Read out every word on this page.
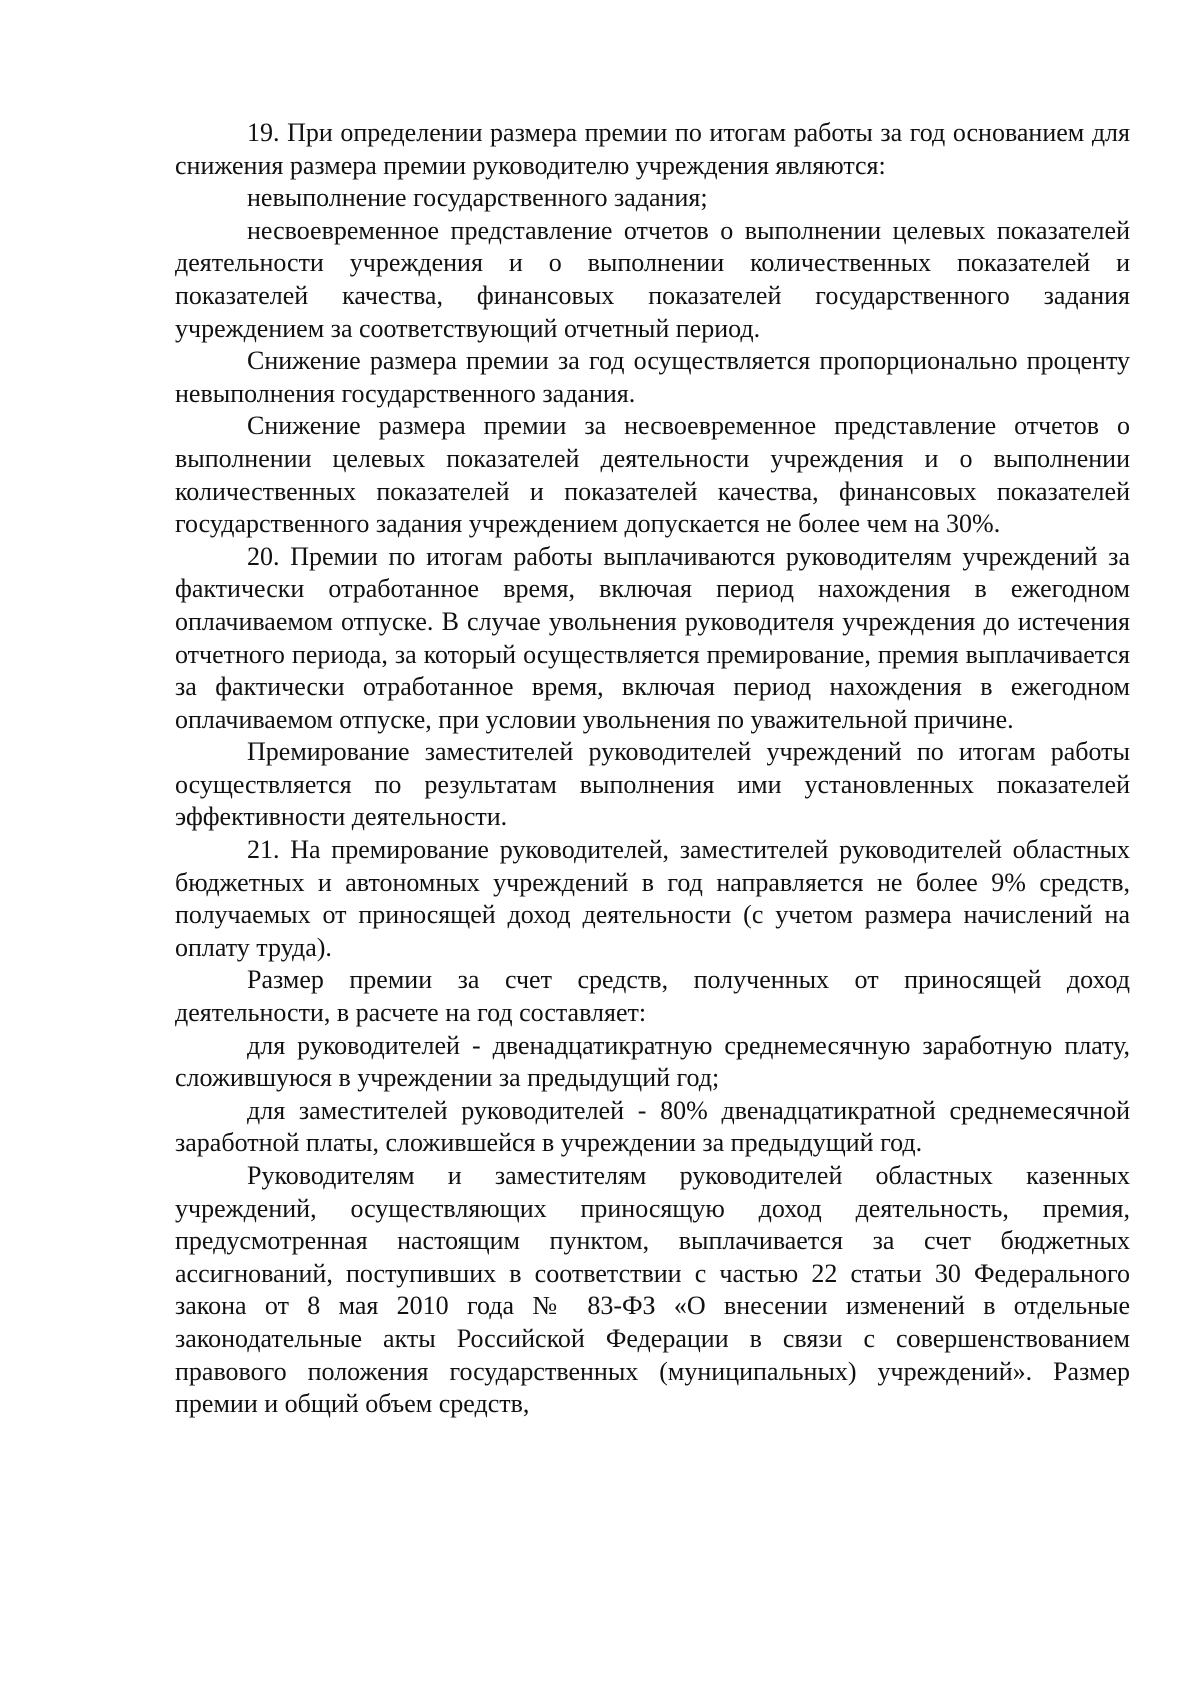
19. При определении размера премии по итогам работы за год основанием для снижения размера премии руководителю учреждения являются:

невыполнение государственного задания;

несвоевременное представление отчетов о выполнении целевых показателей деятельности учреждения и о выполнении количественных показателей и показателей качества, финансовых показателей государственного задания учреждением за соответствующий отчетный период.

Снижение размера премии за год осуществляется пропорционально проценту невыполнения государственного задания.

Снижение размера премии за несвоевременное представление отчетов о выполнении целевых показателей деятельности учреждения и о выполнении количественных показателей и показателей качества, финансовых показателей государственного задания учреждением допускается не более чем на 30%.

20. Премии по итогам работы выплачиваются руководителям учреждений за фактически отработанное время, включая период нахождения в ежегодном оплачиваемом отпуске. В случае увольнения руководителя учреждения до истечения отчетного периода, за который осуществляется премирование, премия выплачивается за фактически отработанное время, включая период нахождения в ежегодном оплачиваемом отпуске, при условии увольнения по уважительной причине.

Премирование заместителей руководителей учреждений по итогам работы осуществляется по результатам выполнения ими установленных показателей эффективности деятельности.

21. На премирование руководителей, заместителей руководителей областных бюджетных и автономных учреждений в год направляется не более 9% средств, получаемых от приносящей доход деятельности (с учетом размера начислений на оплату труда).

Размер премии за счет средств, полученных от приносящей доход деятельности, в расчете на год составляет:

для руководителей - двенадцатикратную среднемесячную заработную плату, сложившуюся в учреждении за предыдущий год;

для заместителей руководителей - 80% двенадцатикратной среднемесячной заработной платы, сложившейся в учреждении за предыдущий год.

Руководителям и заместителям руководителей областных казенных учреждений, осуществляющих приносящую доход деятельность, премия, предусмотренная настоящим пунктом, выплачивается за счет бюджетных ассигнований, поступивших в соответствии с частью 22 статьи 30 Федерального закона от 8 мая 2010 года № 83-ФЗ «О внесении изменений в отдельные законодательные акты Российской Федерации в связи с совершенствованием правового положения государственных (муниципальных) учреждений». Размер премии и общий объем средств,
